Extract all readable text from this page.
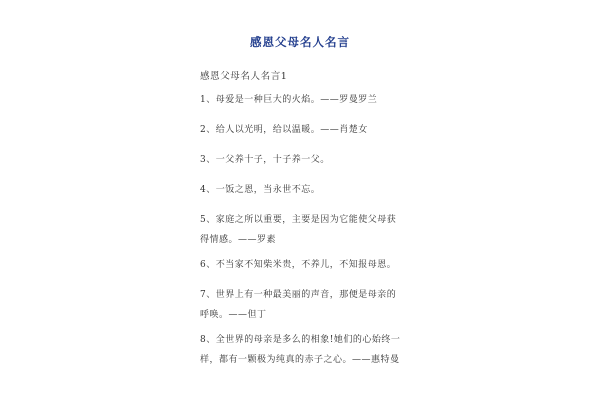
感恩父母名人名言
感恩父母名人名言1
1、母爱是一种巨大的火焰。——罗曼罗兰
2、给人以光明，给以温暖。——肖楚女
3、一父养十子，十子养一父。
4、一饭之恩，当永世不忘。
5、家庭之所以重要，主要是因为它能使父母获得情感。——罗素
6、不当家不知柴米贵，不养儿，不知报母恩。
7、世界上有一种最美丽的声音，那便是母亲的呼唤。——但丁
8、全世界的母亲是多么的相象!她们的心始终一样，都有一颗极为纯真的赤子之心。——惠特曼
